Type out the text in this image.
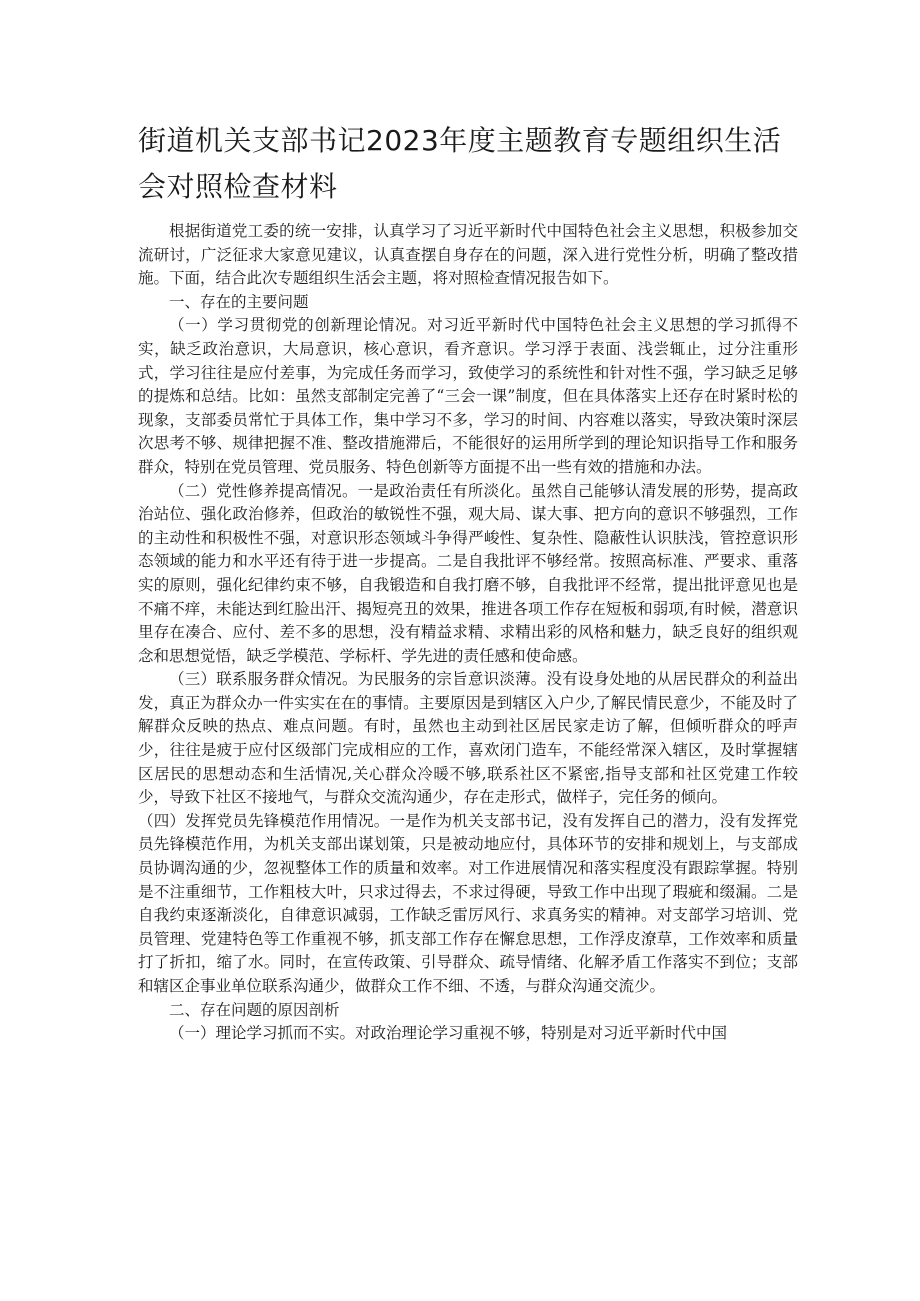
街道机关支部书记2023年度主题教育专题组织生活会对照检查材料

根据街道党工委的统一安排，认真学习了习近平新时代中国特色社会主义思想，积极参加交流研讨，广泛征求大家意见建议，认真查摆自身存在的问题，深入进行党性分析，明确了整改措施。下面，结合此次专题组织生活会主题，将对照检查情况报告如下。

一、存在的主要问题

（一）学习贯彻党的创新理论情况。对习近平新时代中国特色社会主义思想的学习抓得不实，缺乏政治意识，大局意识，核心意识，看齐意识。学习浮于表面、浅尝辄止，过分注重形式，学习往往是应付差事，为完成任务而学习，致使学习的系统性和针对性不强，学习缺乏足够的提炼和总结。比如：虽然支部制定完善了“三会一课”制度，但在具体落实上还存在时紧时松的现象，支部委员常忙于具体工作，集中学习不多，学习的时间、内容难以落实，导致决策时深层次思考不够、规律把握不准、整改措施滞后，不能很好的运用所学到的理论知识指导工作和服务群众，特别在党员管理、党员服务、特色创新等方面提不出一些有效的措施和办法。

（二）党性修养提高情况。一是政治责任有所淡化。虽然自己能够认清发展的形势，提高政治站位、强化政治修养，但政治的敏锐性不强，观大局、谋大事、把方向的意识不够强烈，工作的主动性和积极性不强，对意识形态领域斗争得严峻性、复杂性、隐蔽性认识肤浅，管控意识形态领域的能力和水平还有待于进一步提高。二是自我批评不够经常。按照高标准、严要求、重落实的原则，强化纪律约束不够，自我锻造和自我打磨不够，自我批评不经常，提出批评意见也是不痛不痒，未能达到红脸出汗、揭短亮丑的效果，推进各项工作存在短板和弱项,有时候，潜意识里存在凑合、应付、差不多的思想，没有精益求精、求精出彩的风格和魅力，缺乏良好的组织观念和思想觉悟，缺乏学模范、学标杆、学先进的责任感和使命感。

（三）联系服务群众情况。为民服务的宗旨意识淡薄。没有设身处地的从居民群众的利益出发，真正为群众办一件实实在在的事情。主要原因是到辖区入户少,了解民情民意少，不能及时了解群众反映的热点、难点问题。有时，虽然也主动到社区居民家走访了解，但倾听群众的呼声少，往往是疲于应付区级部门完成相应的工作，喜欢闭门造车，不能经常深入辖区，及时掌握辖区居民的思想动态和生活情况,关心群众冷暖不够,联系社区不紧密,指导支部和社区党建工作较少，导致下社区不接地气，与群众交流沟通少，存在走形式，做样子，完任务的倾向。

（四）发挥党员先锋模范作用情况。一是作为机关支部书记，没有发挥自己的潜力，没有发挥党员先锋模范作用，为机关支部出谋划策，只是被动地应付，具体环节的安排和规划上，与支部成员协调沟通的少，忽视整体工作的质量和效率。对工作进展情况和落实程度没有跟踪掌握。特别是不注重细节，工作粗枝大叶，只求过得去，不求过得硬，导致工作中出现了瑕疵和缀漏。二是自我约束逐渐淡化，自律意识减弱，工作缺乏雷厉风行、求真务实的精神。对支部学习培训、党员管理、党建特色等工作重视不够，抓支部工作存在懈怠思想，工作浮皮潦草，工作效率和质量打了折扣，缩了水。同时，在宣传政策、引导群众、疏导情绪、化解矛盾工作落实不到位；支部和辖区企事业单位联系沟通少，做群众工作不细、不透，与群众沟通交流少。

二、存在问题的原因剖析

（一）理论学习抓而不实。对政治理论学习重视不够，特别是对习近平新时代中国
